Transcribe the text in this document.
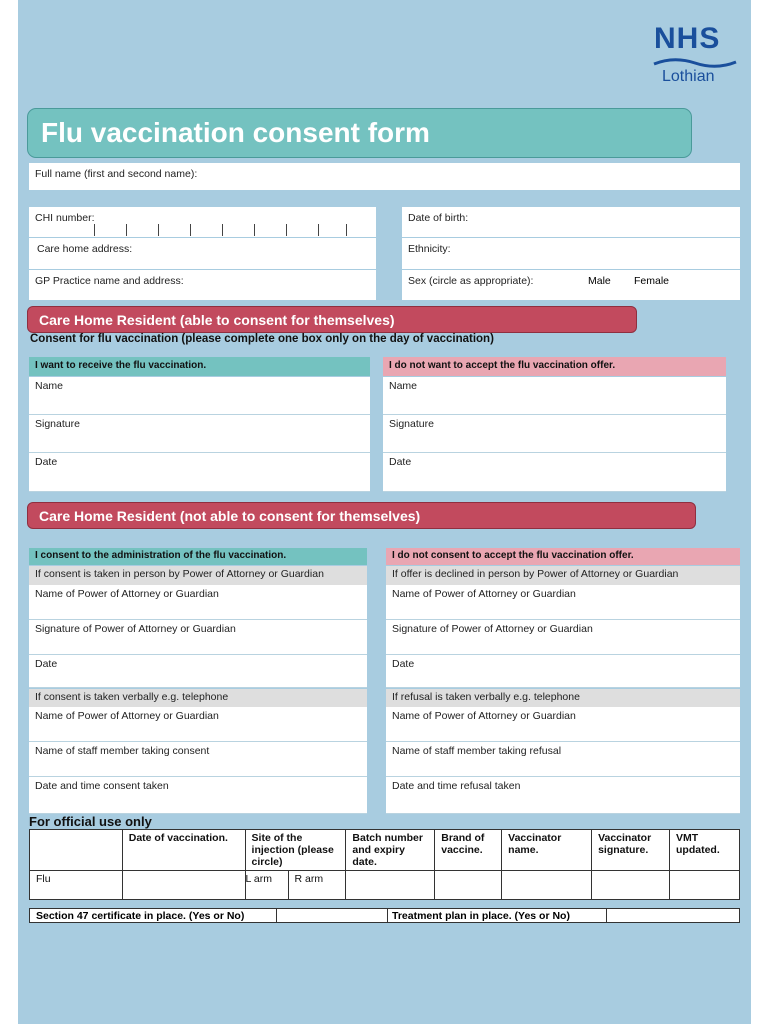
NHS
Lothian
Flu vaccination consent form
Full name (first and second name):
CHI number:	Date of birth:
Care home address:	Ethnicity:
GP Practice name and address:	Sex (circle as appropriate):	Male Female
Care Home Resident (able to consent for themselves)
Consent for flu vaccination (please complete one box only on the day of vaccination)
I want to receive the flu vaccination.	I do not want to accept the flu vaccination offer.
Name
Signature
Date
Name
Signature
Date
Care Home Resident (not able to consent for themselves)
I consent to the administration of the flu vaccination.	I do not consent to accept the flu vaccination offer.
If consent is taken in person by Power of Attorney or Guardian	If offer is declined in person by Power of Attorney or Guardian
Name of Power of Attorney or Guardian
Signature of Power of Attorney or Guardian
Date
Name of Power of Attorney or Guardian
Signature of Power of Attorney or Guardian
Date
If consent is taken verbally e.g. telephone	If refusal is taken verbally e.g. telephone
Name of Power of Attorney or Guardian
Name of staff member taking consent
Date and time consent taken
Name of Power of Attorney or Guardian
Name of staff member taking refusal
Date and time refusal taken
For official use only
	Date of vaccination.	Site of the injection (please circle)	Batch number and expiry date.	Brand of vaccine.	Vaccinator name.	Vaccinator signature.	VMT updated.
Flu		L arm R arm					

Section 47 certificate in place. (Yes or No)	Treatment plan in place. (Yes or No)
